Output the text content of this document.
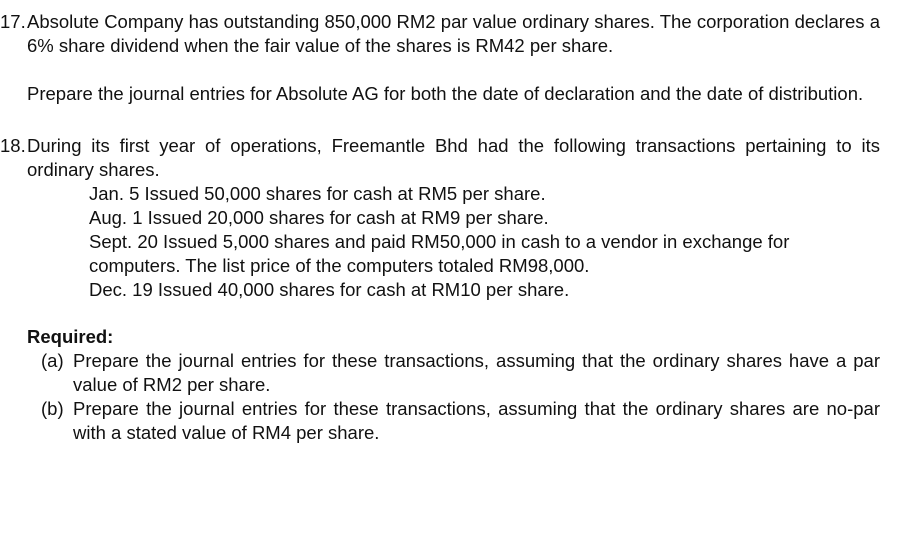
17. Absolute Company has outstanding 850,000 RM2 par value ordinary shares. The corporation declares a 6% share dividend when the fair value of the shares is RM42 per share.

Prepare the journal entries for Absolute AG for both the date of declaration and the date of distribution.

18. During its first year of operations, Freemantle Bhd had the following transactions pertaining to its ordinary shares.

Jan. 5 Issued 50,000 shares for cash at RM5 per share.

Aug. 1 Issued 20,000 shares for cash at RM9 per share.

Sept. 20 Issued 5,000 shares and paid RM50,000 in cash to a vendor in exchange for computers. The list price of the computers totaled RM98,000.

Dec. 19 Issued 40,000 shares for cash at RM10 per share.

Required:

(a) Prepare the journal entries for these transactions, assuming that the ordinary shares have a par value of RM2 per share.
(b) Prepare the journal entries for these transactions, assuming that the ordinary shares are no-par with a stated value of RM4 per share.
